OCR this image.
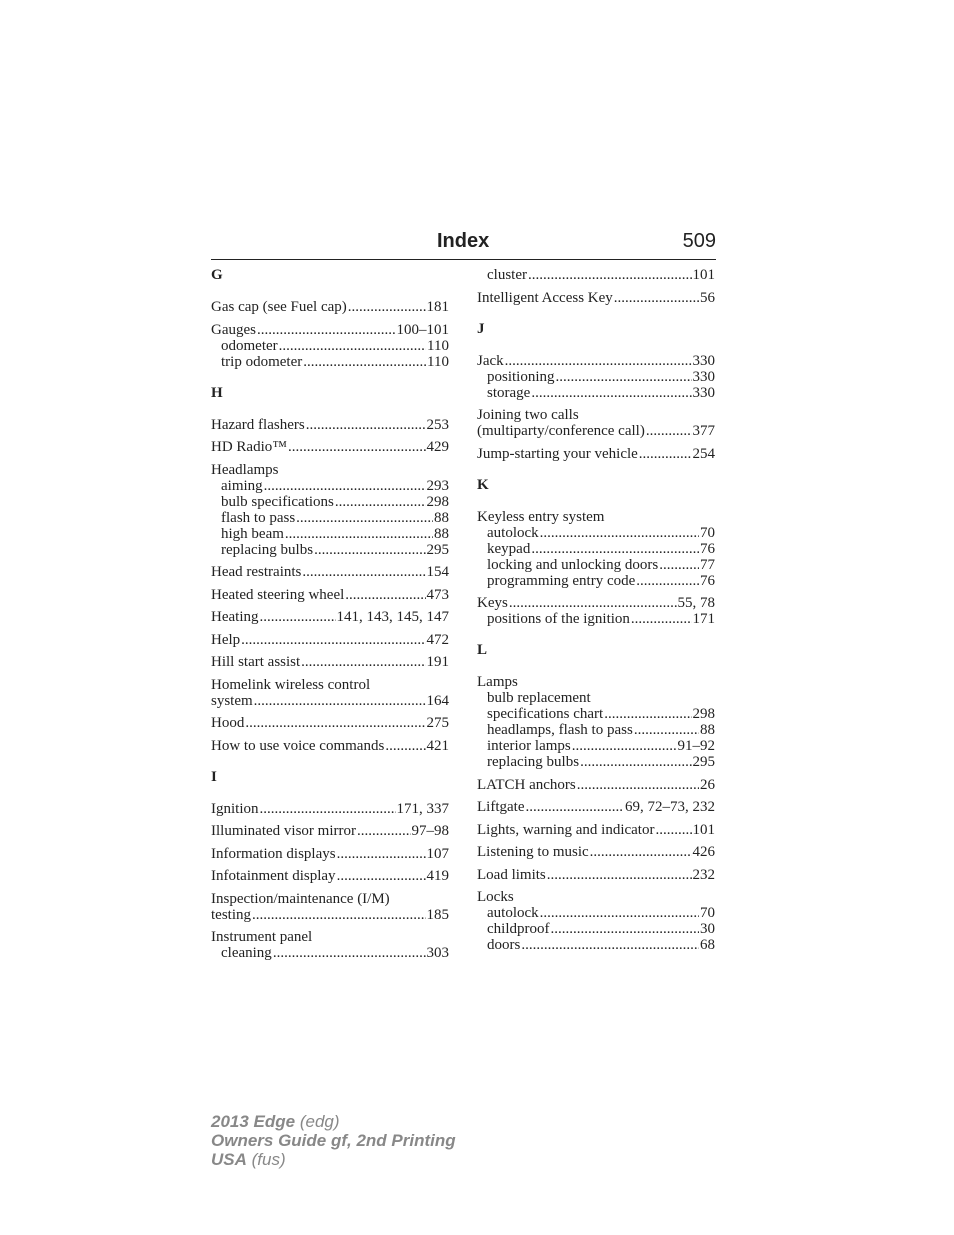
Index	509
G
Gas cap (see Fuel cap) .....	181
Gauges .....	100–101
odometer .....	110
trip odometer .....	110
H
Hazard flashers .....	253
HD Radio™ .....	429
Headlamps
aiming .....	293
bulb specifications .....	298
flash to pass .....	88
high beam .....	88
replacing bulbs .....	295
Head restraints .....	154
Heated steering wheel .....	473
Heating .....	141, 143, 145, 147
Help .....	472
Hill start assist .....	191
Homelink wireless control
system .....	164
Hood .....	275
How to use voice commands .....	421
I
Ignition .....	171, 337
Illuminated visor mirror .....	97–98
Information displays .....	107
Infotainment display .....	419
Inspection/maintenance (I/M)
testing .....	185
Instrument panel
cleaning .....	303
cluster .....	101
Intelligent Access Key .....	56
J
Jack .....	330
positioning .....	330
storage .....	330
Joining two calls
(multiparty/conference call) .....	377
Jump-starting your vehicle .....	254
K
Keyless entry system
autolock .....	70
keypad .....	76
locking and unlocking doors .....	77
programming entry code .....	76
Keys .....	55, 78
positions of the ignition .....	171
L
Lamps
bulb replacement
specifications chart .....	298
headlamps, flash to pass .....	88
interior lamps .....	91–92
replacing bulbs .....	295
LATCH anchors .....	26
Liftgate .....	69, 72–73, 232
Lights, warning and indicator .....	101
Listening to music .....	426
Load limits .....	232
Locks
autolock .....	70
childproof .....	30
doors .....	68
2013 Edge (edg)
Owners Guide gf, 2nd Printing
USA (fus)
